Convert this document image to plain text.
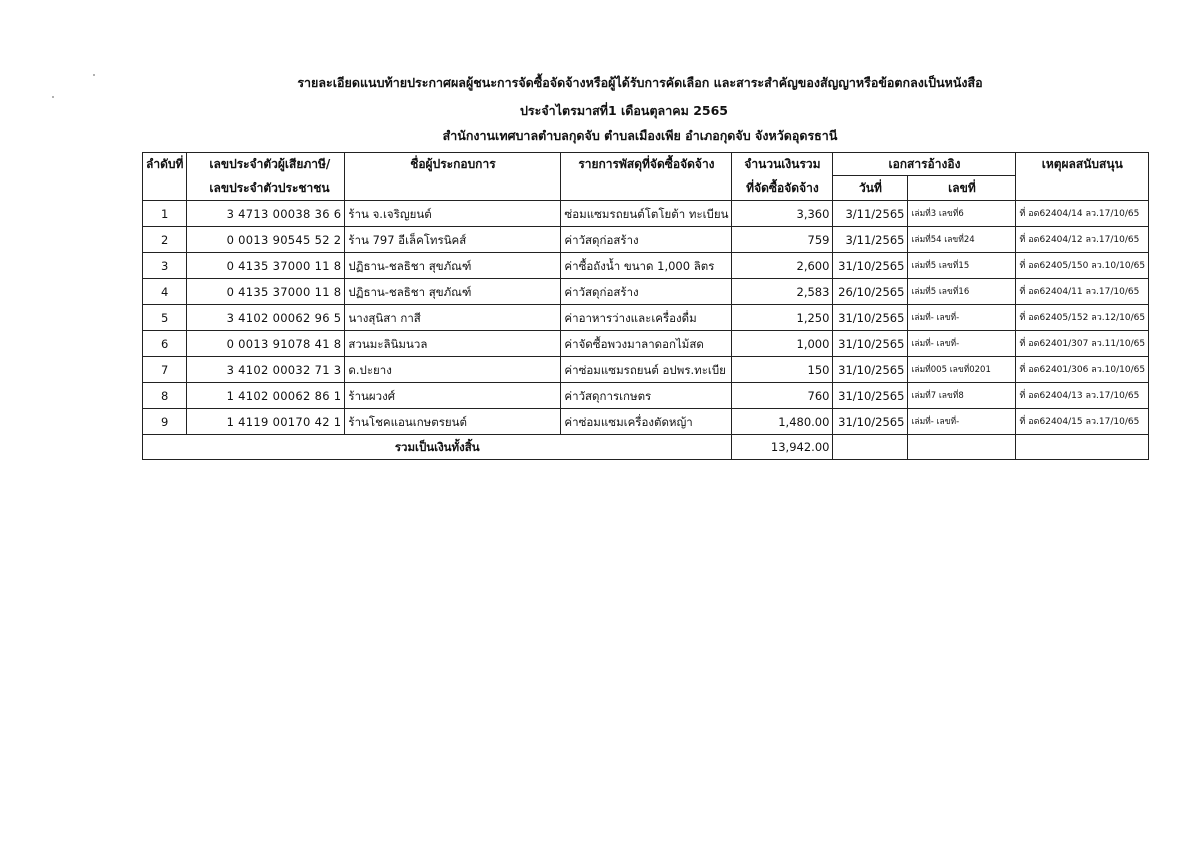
รายละเอียดแนบท้ายประกาศผลผู้ชนะการจัดซื้อจัดจ้างหรือผู้ได้รับการคัดเลือก และสาระสำคัญของสัญญาหรือข้อตกลงเป็นหนังสือ
ประจำไตรมาสที่1 เดือนตุลาคม 2565
สำนักงานเทศบาลตำบลกุดจับ ตำบลเมืองเพีย อำเภอกุดจับ จังหวัดอุดรธานี
ลำดับที่	เลขประจำตัวผู้เสียภาษี/	ชื่อผู้ประกอบการ	รายการพัสดุที่จัดซื้อจัดจ้าง	จำนวนเงินรวม	เอกสารอ้างอิง		เหตุผลสนับสนุน
	เลขประจำตัวประชาชน			ที่จัดซื้อจัดจ้าง	วันที่	เลขที่	
1	3 4713 00038 36 6	ร้าน จ.เจริญยนต์	ซ่อมแซมรถยนต์โตโยต้า ทะเบียน	3,360	3/11/2565	เล่มที่3 เลขที่6	ที่ อด62404/14 ลว.17/10/65
2	0 0013 90545 52 2	ร้าน 797 อีเล็คโทรนิคส์	ค่าวัสดุก่อสร้าง	759	3/11/2565	เล่มที่54 เลขที่24	ที่ อด62404/12 ลว.17/10/65
3	0 4135 37000 11 8	ปฏิธาน-ชลธิชา สุขภัณฑ์	ค่าซื้อถังน้ำ ขนาด 1,000 ลิตร	2,600	31/10/2565	เล่มที่5 เลขที่15	ที่ อด62405/150 ลว.10/10/65
4	0 4135 37000 11 8	ปฏิธาน-ชลธิชา สุขภัณฑ์	ค่าวัสดุก่อสร้าง	2,583	26/10/2565	เล่มที่5 เลขที่16	ที่ อด62404/11 ลว.17/10/65
5	3 4102 00062 96 5	นางสุนิสา กาสี	ค่าอาหารว่างและเครื่องดื่ม	1,250	31/10/2565	เล่มที่- เลขที่-	ที่ อด62405/152 ลว.12/10/65
6	0 0013 91078 41 8	สวนมะลินิมนวล	ค่าจัดซื้อพวงมาลาดอกไม้สด	1,000	31/10/2565	เล่มที่- เลขที่-	ที่ อด62401/307 ลว.11/10/65
7	3 4102 00032 71 3	ด.ปะยาง	ค่าซ่อมแซมรถยนต์ อปพร.ทะเบีย	150	31/10/2565	เล่มที่005 เลขที่0201	ที่ อด62401/306 ลว.10/10/65
8	1 4102 00062 86 1	ร้านผวงศ์	ค่าวัสดุการเกษตร	760	31/10/2565	เล่มที่7 เลขที่8	ที่ อด62404/13 ลว.17/10/65
9	1 4119 00170 42 1	ร้านโชคแอนเกษตรยนต์	ค่าซ่อมแซมเครื่องตัดหญ้า	1,480.00	31/10/2565	เล่มที่- เลขที่-	ที่ อด62404/15 ลว.17/10/65
รวมเป็นเงินทั้งสิ้น				13,942.00			
